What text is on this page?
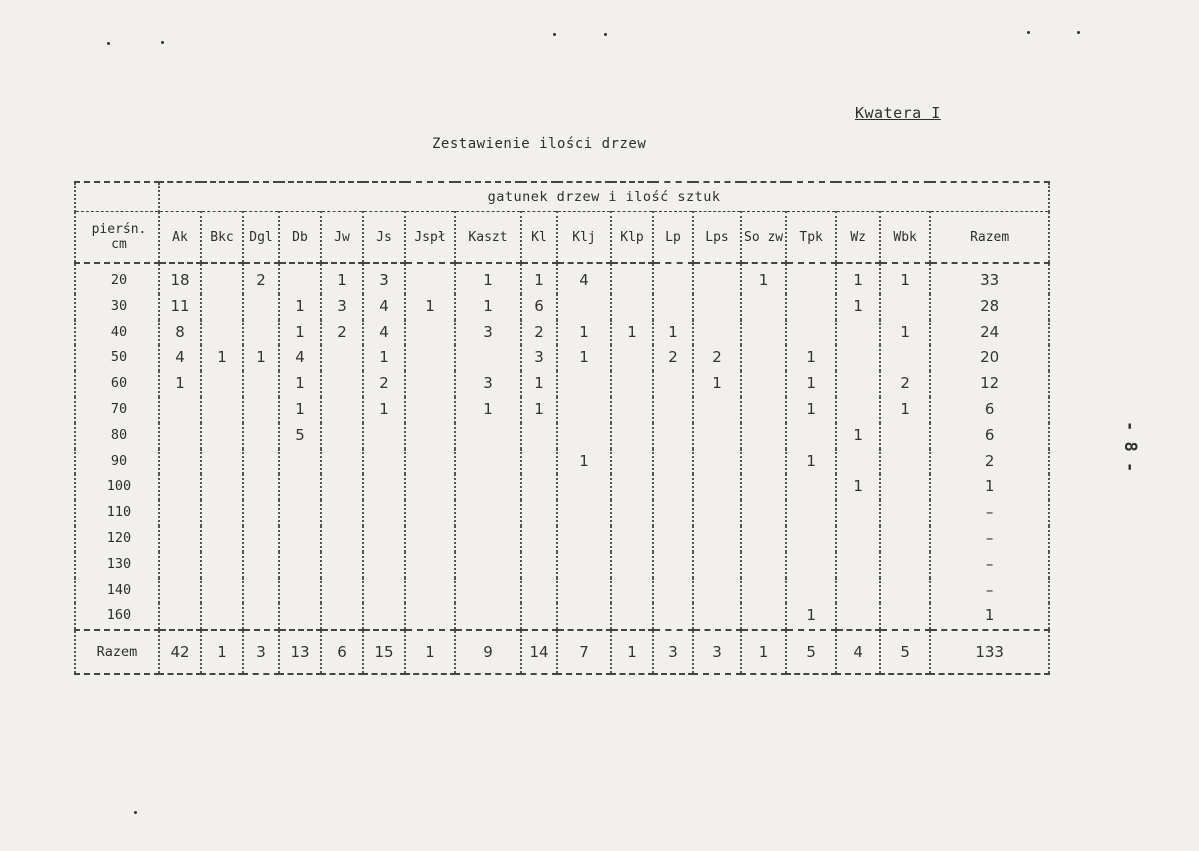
Kwatera I
Zestawienie ilości drzew
- 8 -
	gatunek drzew i ilość sztuk																	

pierśn.
cm	Ak	Bkc	Dgl	Db	Jw	Js	Jspł	Kaszt	Kl	Klj	Klp	Lp	Lps	So zw	Tpk	Wz	Wbk	Razem
20	18		2		1	3		1	1	4				1		1	1	33
30	11			1	3	4	1	1	6							1		28
40	8			1	2	4		3	2	1	1	1					1	24
50	4	1	1	4		1			3	1		2	2		1			20
60	1			1		2		3	1				1		1		2	12
70				1		1		1	1						1		1	6
80				5												1		6
90										1					1			2
100																1		1
110																		–
120																		–
130																		–
140																		–
160															1			1
Razem	42	1	3	13	6	15	1	9	14	7	1	3	3	1	5	4	5	133
